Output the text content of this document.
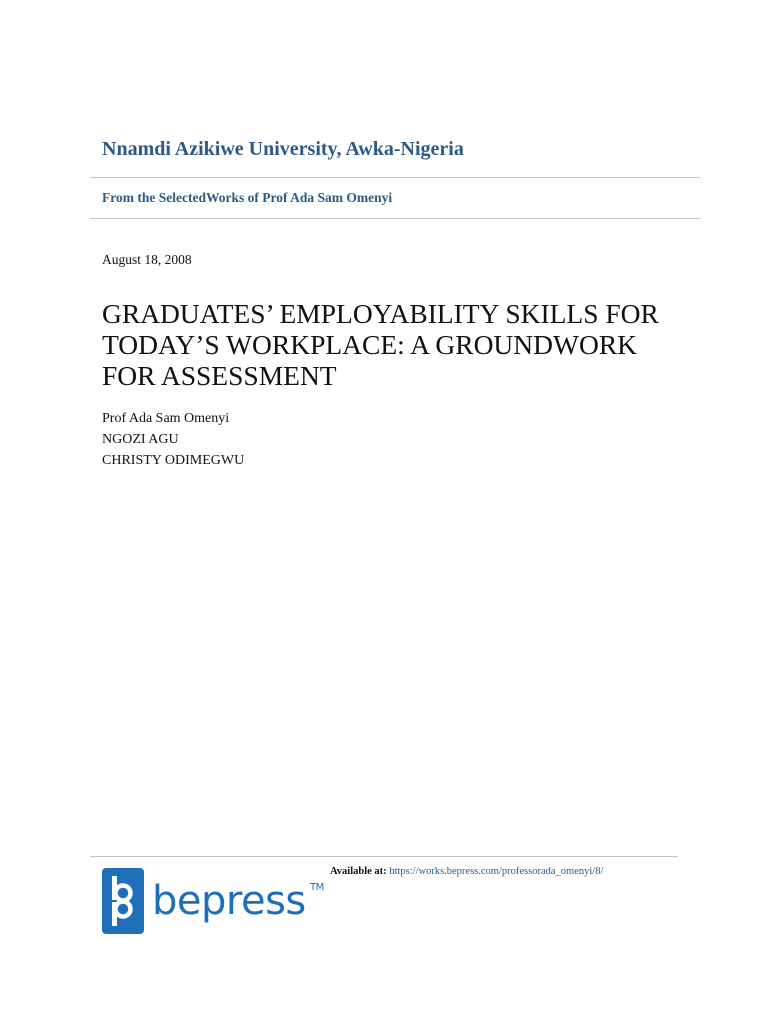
Nnamdi Azikiwe University, Awka-Nigeria
From the SelectedWorks of Prof Ada Sam Omenyi
August 18, 2008
GRADUATES’ EMPLOYABILITY SKILLS FOR
TODAY’S WORKPLACE: A GROUNDWORK
FOR ASSESSMENT
Prof Ada Sam Omenyi
NGOZI AGU
CHRISTY ODIMEGWU
Available at: https://works.bepress.com/professorada_omenyi/8/
bepress TM
